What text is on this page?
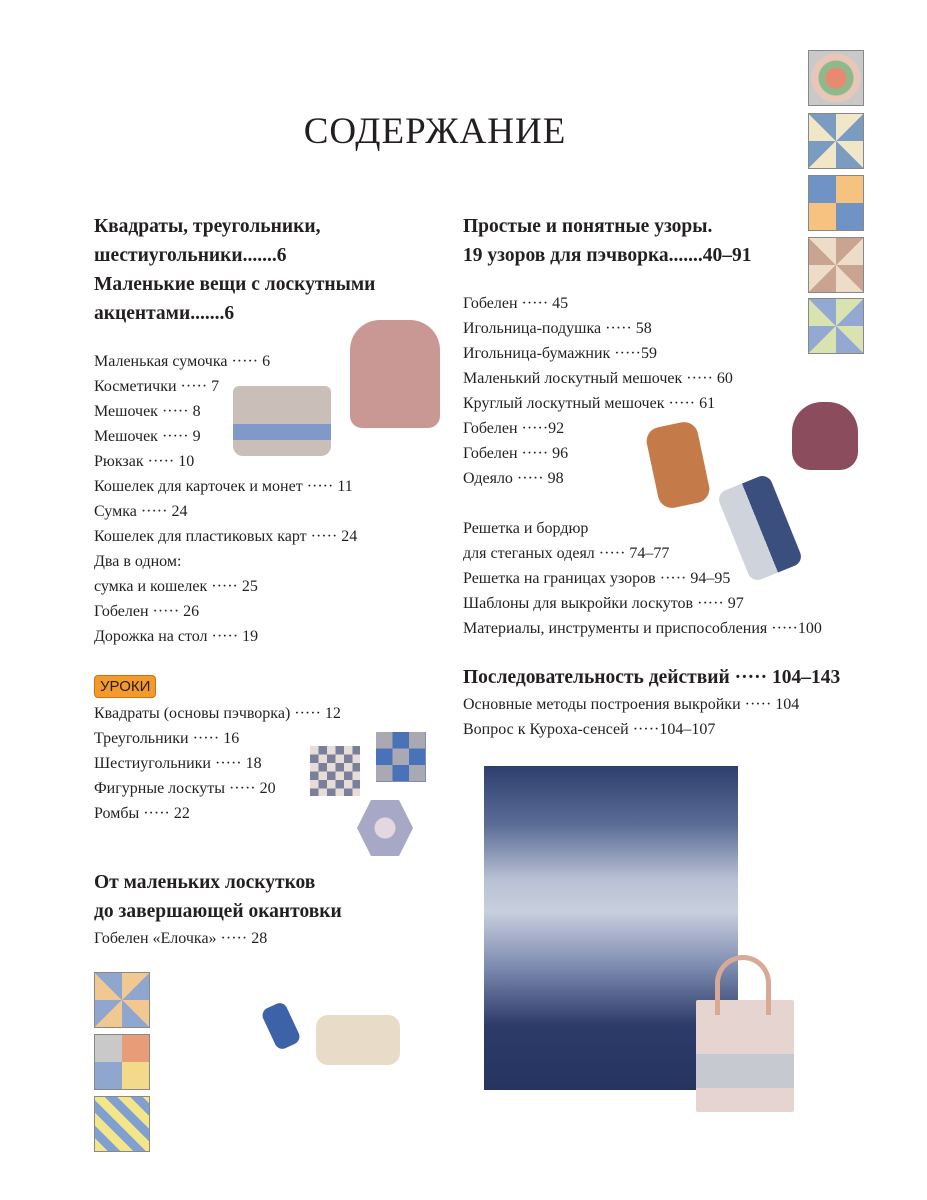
СОДЕРЖАНИЕ
Квадраты, треугольники,
шестиугольники.......6
Маленькие вещи с лоскутными
акцентами.......6
Маленькая сумочка ····· 6
Косметички ····· 7
Мешочек ····· 8
Мешочек ····· 9
Рюкзак ····· 10
Кошелек для карточек и монет ····· 11
Сумка ····· 24
Кошелек для пластиковых карт ····· 24
Два в одном:
сумка и кошелек ····· 25
Гобелен ····· 26
Дорожка на стол ····· 19
УРОКИ
Квадраты (основы пэчворка) ····· 12
Треугольники ····· 16
Шестиугольники ····· 18
Фигурные лоскуты ····· 20
Ромбы ····· 22
От маленьких лоскутков
до завершающей окантовки
Гобелен «Елочка» ····· 28
Простые и понятные узоры.
19 узоров для пэчворка.......40–91
Гобелен ····· 45
Игольница-подушка ····· 58
Игольница-бумажник ·····59
Маленький лоскутный мешочек ····· 60
Круглый лоскутный мешочек ····· 61
Гобелен ·····92
Гобелен ····· 96
Одеяло ····· 98
Решетка и бордюр
для стеганых одеял ····· 74–77
Решетка на границах узоров ····· 94–95
Шаблоны для выкройки лоскутов ····· 97
Материалы, инструменты и приспособления ·····100
Последовательность действий ····· 104–143
Основные методы построения выкройки ····· 104
Вопрос к Куроха-сенсей ·····104–107
